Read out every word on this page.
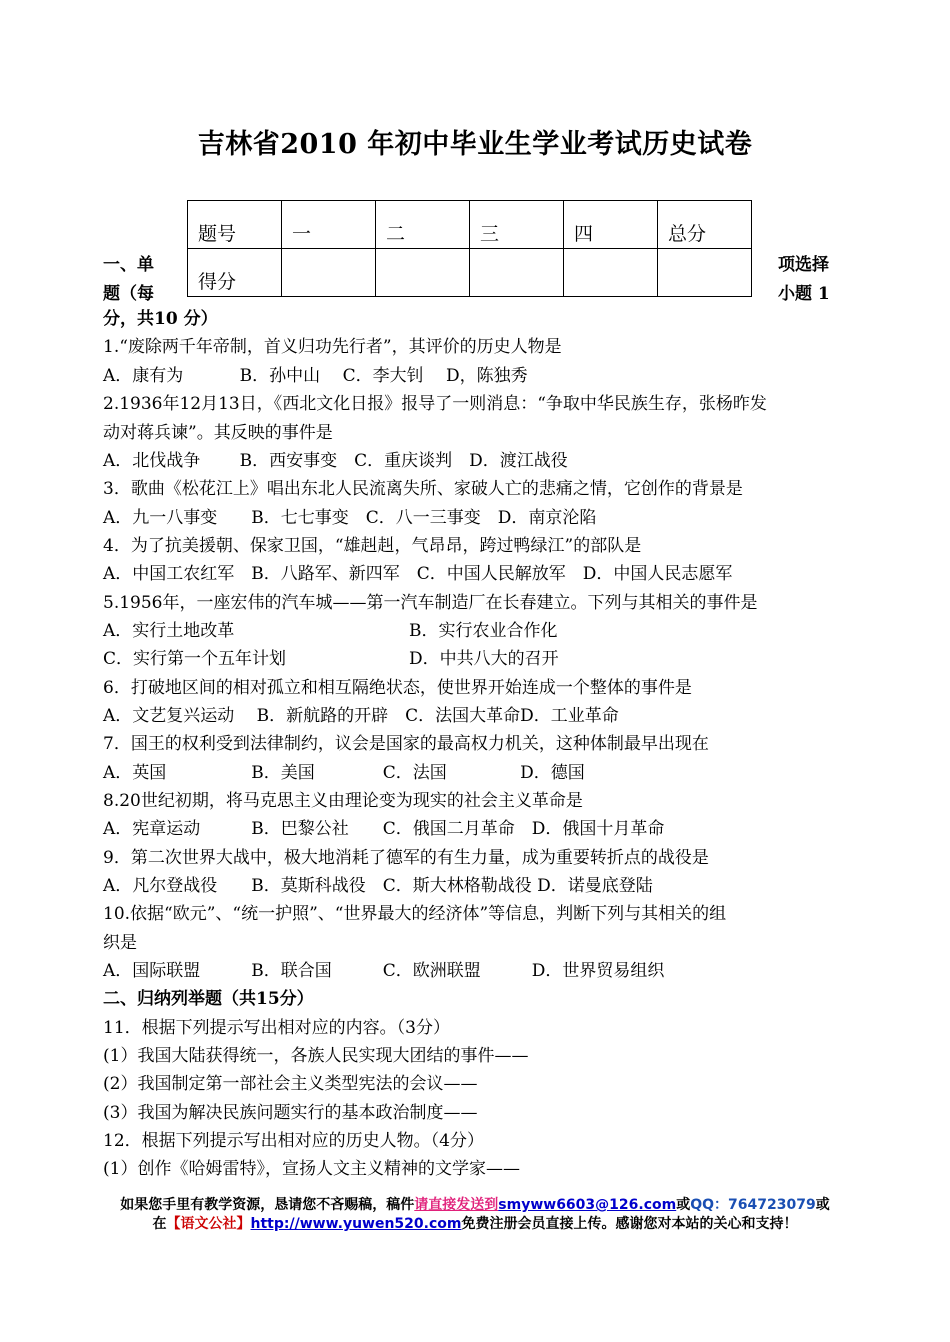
吉林省2010 年初中毕业生学业考试历史试卷
题号	一	二	三	四	总分
得分					
一、单
题（每
项选择
小题 1
分，共10 分）
1.“废除两千年帝制，首义归功先行者”，其评价的历史人物是
A．康有为　　　 B．孙中山　 C．李大钊　 D，陈独秀
2.1936年12月13日，《西北文化日报》报导了一则消息：“争取中华民族生存，张杨昨发
动对蒋兵谏”。其反映的事件是
A．北伐战争　　 B．西安事变　C．重庆谈判　D．渡江战役
3．歌曲《松花江上》唱出东北人民流离失所、家破人亡的悲痛之情，它创作的背景是
A．九一八事变　　B．七七事变　C．八一三事变　D．南京沦陷
4．为了抗美援朝、保家卫国，“雄赳赳，气昂昂，跨过鸭绿江”的部队是
A．中国工农红军　B．八路军、新四军　C．中国人民解放军　D．中国人民志愿军
5.1956年，一座宏伟的汽车城——第一汽车制造厂在长春建立。下列与其相关的事件是
A．实行土地改革	B．实行农业合作化
C．实行第一个五年计划	D．中共八大的召开
6．打破地区间的相对孤立和相互隔绝状态，使世界开始连成一个整体的事件是
A．文艺复兴运动　 B．新航路的开辟　C．法国大革命D．工业革命
7．国王的权利受到法律制约，议会是国家的最高权力机关，这种体制最早出现在
A．英国　　　　　B．美国　　　　C．法国　　　　 D．德国
8.20世纪初期，将马克思主义由理论变为现实的社会主义革命是
A．宪章运动　　　B．巴黎公社　　C．俄国二月革命　D．俄国十月革命
9．第二次世界大战中，极大地消耗了德军的有生力量，成为重要转折点的战役是
A．凡尔登战役　　B．莫斯科战役　C．斯大林格勒战役 D．诺曼底登陆
10.依据“欧元”、“统一护照”、“世界最大的经济体”等信息，判断下列与其相关的组
织是
A．国际联盟　　　B．联合国　　　C．欧洲联盟　　　D．世界贸易组织
二、归纳列举题（共15分）
11．根据下列提示写出相对应的内容。（3分）
(1）我国大陆获得统一，各族人民实现大团结的事件——
(2）我国制定第一部社会主义类型宪法的会议——
(3）我国为解决民族问题实行的基本政治制度——
12．根据下列提示写出相对应的历史人物。（4分）
(1）创作《哈姆雷特》，宣扬人文主义精神的文学家——
如果您手里有教学资源，恳请您不吝赐稿，稿件请直接发送到smyww6603@126.com或QQ：764723079或
在【语文公社】http://www.yuwen520.com免费注册会员直接上传。感谢您对本站的关心和支持！
